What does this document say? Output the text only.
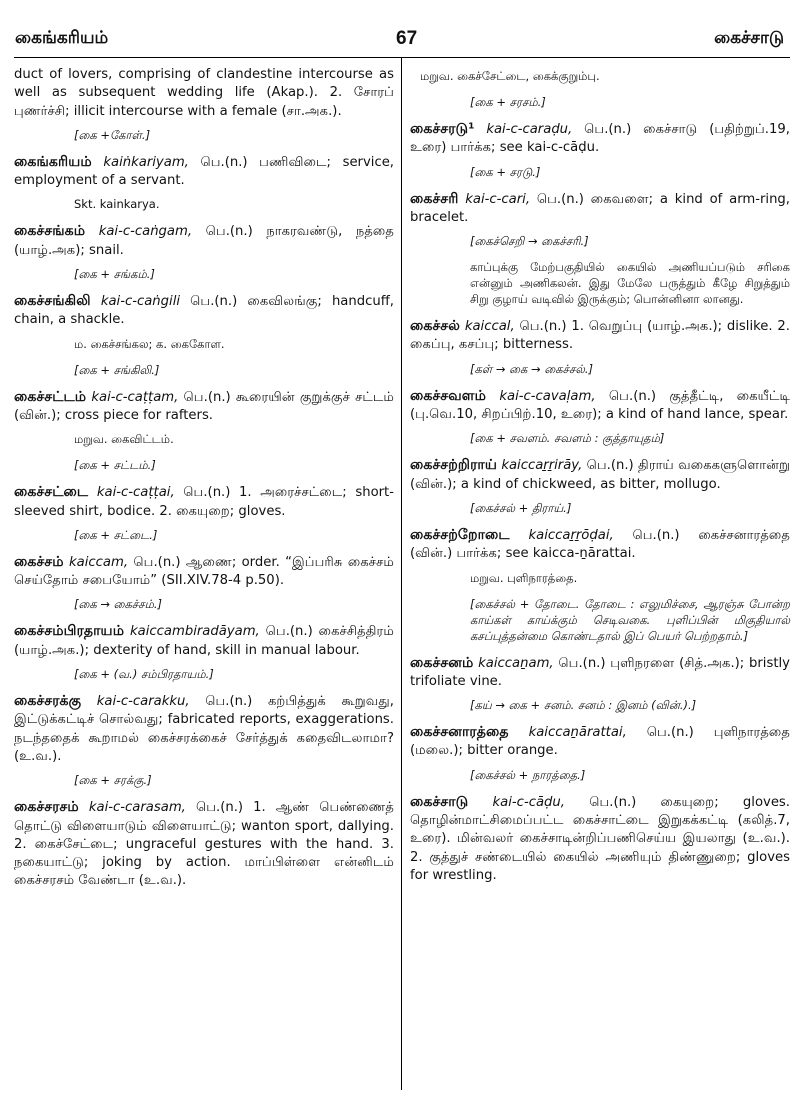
கைங்கரியம்	67	கைச்சாடு

duct of lovers, comprising of clandestine intercourse as well as subsequent wedding life (Akap.). 2. சோரப் புணர்ச்சி; illicit intercourse with a female (சா.அக.).

[கை +கோள்.]

கைங்கரியம் kaiṅkariyam, பெ.(n.) பணிவிடை; service, employment of a servant.

Skt. kainkarya.

கைச்சங்கம் kai-c-caṅgam, பெ.(n.) நாகரவண்டு, நத்தை (யாழ்.அக); snail.

[கை + சங்கம்.]

கைச்சங்கிலி kai-c-caṅgili பெ.(n.) கைவிலங்கு; handcuff, chain, a shackle.

ம. கைச்சங்கல; க. கைகோள.
[கை + சங்கிலி.]

கைச்சட்டம் kai-c-caṭṭam, பெ.(n.) கூரையின் குறுக்குச் சட்டம் (வின்.); cross piece for rafters.

மறுவ. கைவிட்டம்.
[கை + சட்டம்.]

கைச்சட்டை kai-c-caṭṭai, பெ.(n.) 1. அரைச்சட்டை; short-sleeved shirt, bodice. 2. கையுறை; gloves.

[கை + சட்டை.]

கைச்சம் kaiccam, பெ.(n.) ஆணை; order. “இப்பரிசு கைச்சம் செய்தோம் சபையோம்” (SII.XIV.78-4 p.50).

[கை → கைச்சம்.]

கைச்சம்பிரதாயம் kaiccambiradāyam, பெ.(n.) கைச்சித்திரம் (யாழ்.அக.); dexterity of hand, skill in manual labour.

[கை + (வ.) சம்பிரதாயம்.]

கைச்சரக்கு kai-c-carakku, பெ.(n.) கற்பித்துக் கூறுவது, இட்டுக்கட்டிச் சொல்வது; fabricated reports, exaggerations. நடந்ததைக் கூறாமல் கைச்சரக்கைச் சேர்த்துக் கதைவிடலாமா? (உ.வ.).

[கை + சரக்கு.]

கைச்சரசம் kai-c-carasam, பெ.(n.) 1. ஆண் பெண்ணைத் தொட்டு விளையாடும் விளையாட்டு; wanton sport, dallying. 2. கைச்சேட்டை; ungraceful gestures with the hand. 3. நகையாட்டு; joking by action. மாப்பிள்ளை என்னிடம் கைச்சரசம் வேண்டா (உ.வ.).

மறுவ. கைச்சேட்டை, கைக்குறும்பு.
[கை + சரசம்.]

கைச்சரடு¹ kai-c-caraḍu, பெ.(n.) கைச்சாடு (பதிற்றுப்.19, உரை) பார்க்க; see kai-c-cāḍu.

[கை + சரடு.]

கைச்சரி kai-c-cari, பெ.(n.) கைவளை; a kind of arm-ring, bracelet.

[கைச்செறி → கைச்சரி.]
காப்புக்கு மேற்பகுதியில் கையில் அணியப்படும் சரிகை என்னும் அணிகலன். இது மேலே பருத்தும் கீழே சிறுத்தும் சிறு குழாய் வடிவில் இருக்கும்; பொன்னினா லானது.

கைச்சல் kaiccal, பெ.(n.) 1. வெறுப்பு (யாழ்.அக.); dislike. 2. கைப்பு, கசப்பு; bitterness.

[கள் → கை → கைச்சல்.]

கைச்சவளம் kai-c-cavaḷam, பெ.(n.) குத்தீட்டி, கையீட்டி (பு.வெ.10, சிறப்பிற்.10, உரை); a kind of hand lance, spear.

[கை + சவளம். சவளம் : குத்தாயுதம்]

கைச்சற்றிராய் kaiccaṟṟirāy, பெ.(n.) திராய் வகைகளுளொன்று (வின்.); a kind of chickweed, as bitter, mollugo.

[கைச்சல் + திராய்.]

கைச்சற்றோடை kaiccaṟṟōḍai, பெ.(n.) கைச்சனாரத்தை (வின்.) பார்க்க; see kaicca-ṉārattai.

மறுவ. புளிநாரத்தை.
[கைச்சல் + தோடை. தோடை : எலுமிச்சை, ஆரஞ்சு போன்ற காய்கள் காய்க்கும் செடிவகை. புளிப்பின் மிகுதியால் கசப்புத்தன்மை கொண்டதால் இப் பெயர் பெற்றதாம்.]

கைச்சனம் kaiccaṉam, பெ.(n.) புளிநரளை (சித்.அக.); bristly trifoliate vine.

[கய் → கை + சனம். சனம் : இனம் (வின்.).]

கைச்சனாரத்தை kaiccaṉārattai, பெ.(n.) புளிநாரத்தை (மலை.); bitter orange.

[கைச்சல் + நாரத்தை.]

கைச்சாடு kai-c-cāḍu, பெ.(n.) கையுறை; gloves. தொழின்மாட்சிமைப்பட்ட கைச்சாட்டை இறுகக்கட்டி (கலித்.7, உரை). மின்வலர் கைச்சாடின்றிப்பணிசெய்ய இயலாது (உ.வ.). 2. குத்துச் சண்டையில் கையில் அணியும் திண்ணுறை; gloves for wrestling.
